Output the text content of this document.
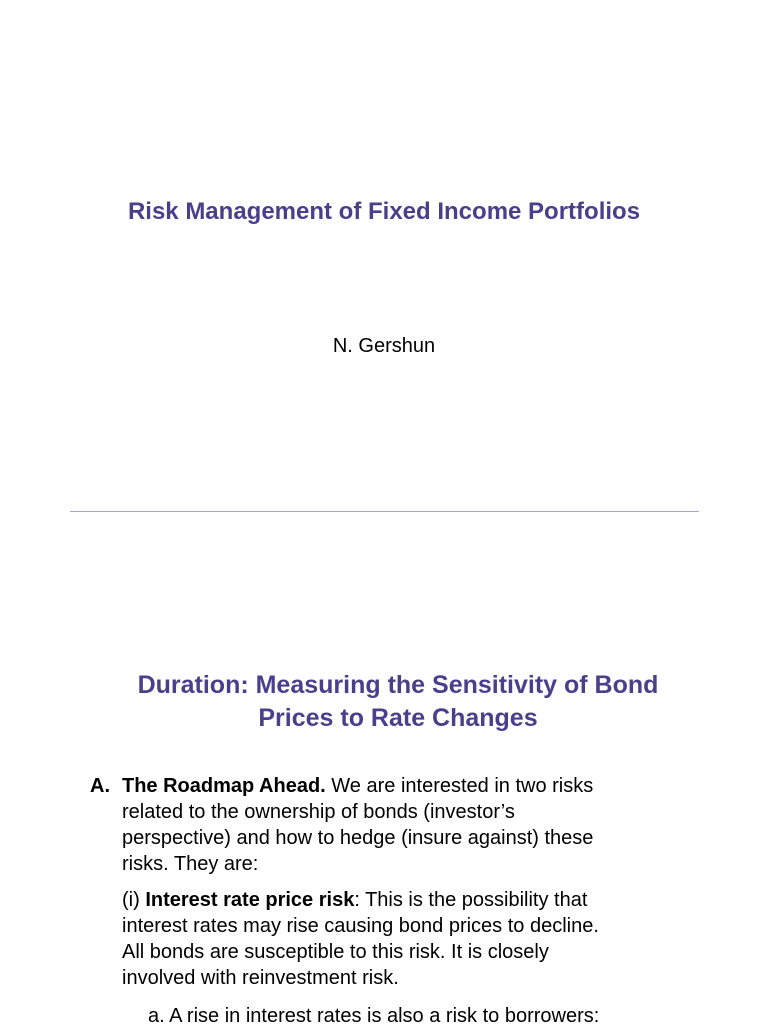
Risk Management of Fixed Income Portfolios

N. Gershun

Duration: Measuring the Sensitivity of Bond
Prices to Rate Changes
A. The Roadmap Ahead. We are interested in two risks
related to the ownership of bonds (investor’s
perspective) and how to hedge (insure against) these
risks. They are:
(i) Interest rate price risk: This is the possibility that
interest rates may rise causing bond prices to decline.
All bonds are susceptible to this risk. It is closely
involved with reinvestment risk.
a. A rise in interest rates is also a risk to borrowers:
